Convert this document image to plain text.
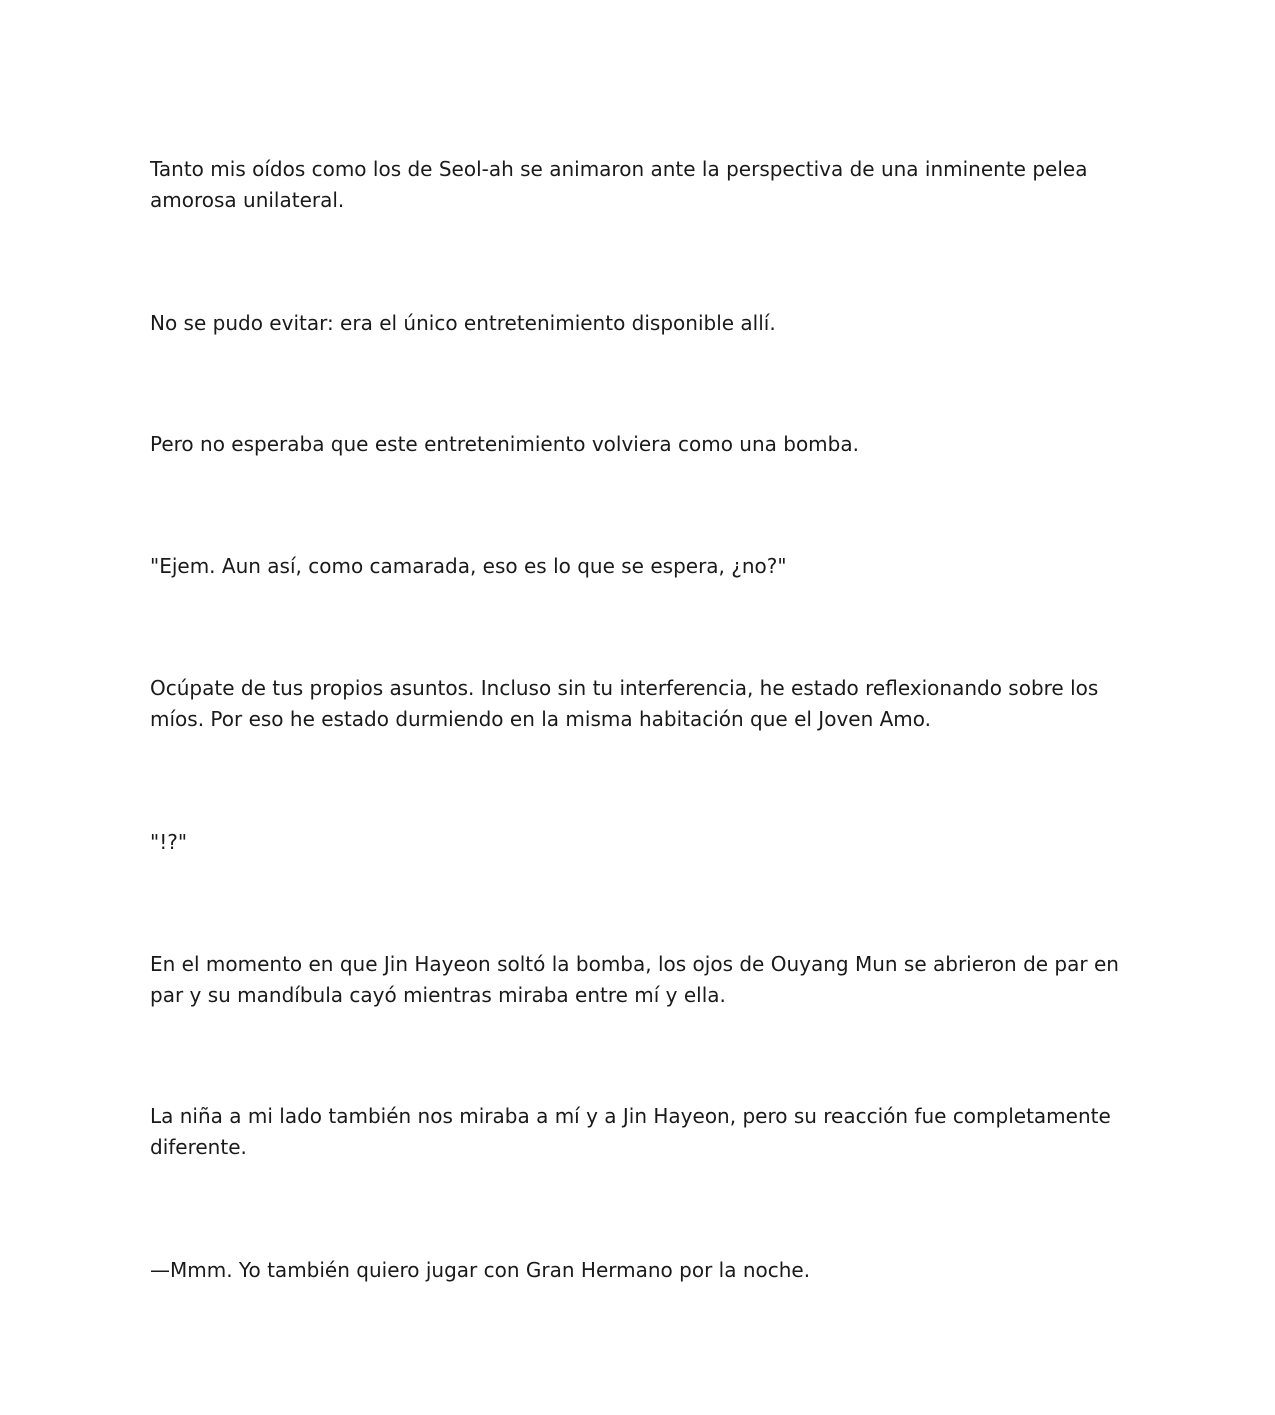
Tanto mis oídos como los de Seol-ah se animaron ante la perspectiva de una inminente pelea amorosa unilateral.

No se pudo evitar: era el único entretenimiento disponible allí.

Pero no esperaba que este entretenimiento volviera como una bomba.

"Ejem. Aun así, como camarada, eso es lo que se espera, ¿no?"

Ocúpate de tus propios asuntos. Incluso sin tu interferencia, he estado reflexionando sobre los míos. Por eso he estado durmiendo en la misma habitación que el Joven Amo.

"!?"

En el momento en que Jin Hayeon soltó la bomba, los ojos de Ouyang Mun se abrieron de par en par y su mandíbula cayó mientras miraba entre mí y ella.

La niña a mi lado también nos miraba a mí y a Jin Hayeon, pero su reacción fue completamente diferente.

—Mmm. Yo también quiero jugar con Gran Hermano por la noche.
